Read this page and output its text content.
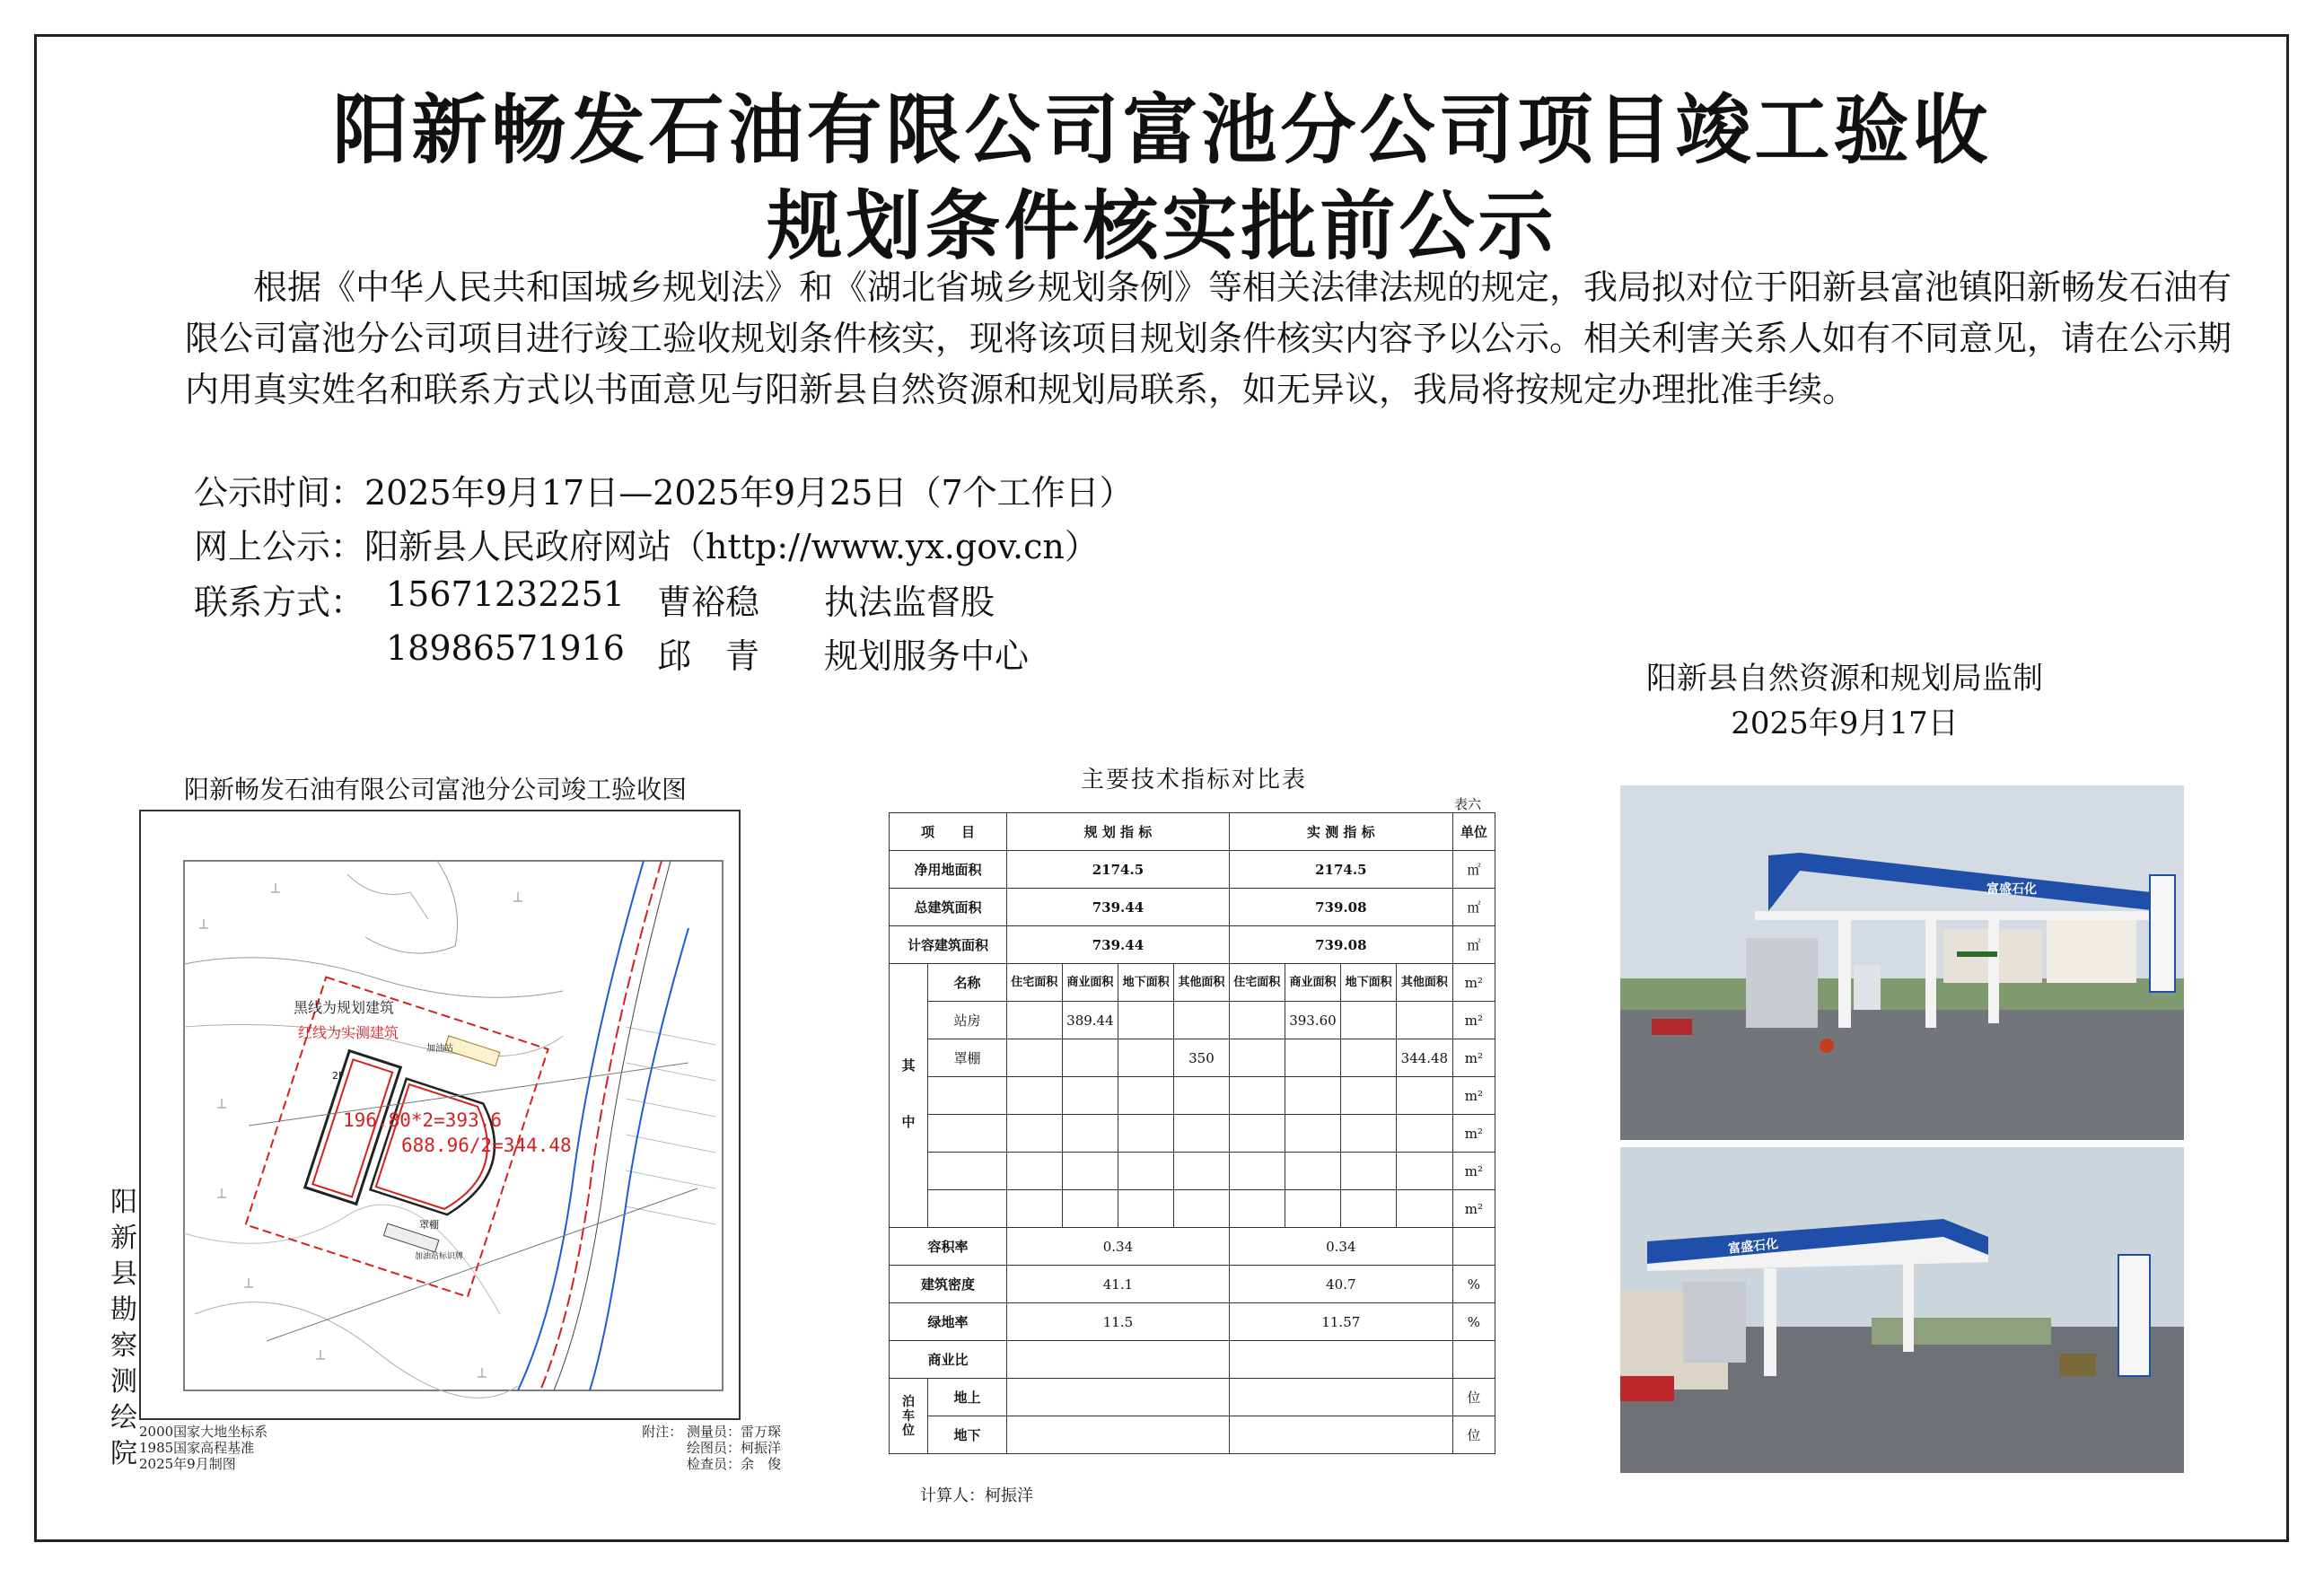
阳新畅发石油有限公司富池分公司项目竣工验收
规划条件核实批前公示
根据《中华人民共和国城乡规划法》和《湖北省城乡规划条例》等相关法律法规的规定，我局拟对位于阳新县富池镇阳新畅发石油有限公司富池分公司项目进行竣工验收规划条件核实，现将该项目规划条件核实内容予以公示。相关利害关系人如有不同意见，请在公示期内用真实姓名和联系方式以书面意见与阳新县自然资源和规划局联系，如无异议，我局将按规定办理批准手续。
公示时间：2025年9月17日—2025年9月25日（7个工作日）
网上公示：阳新县人民政府网站（http://www.yx.gov.cn）
联系方式： 15671232251 曹裕稳 执法监督股
18986571916 邱　青 规划服务中心
阳新县自然资源和规划局监制
2025年9月17日
阳新畅发石油有限公司富池分公司竣工验收图
黑线为规划建筑
红线为实测建筑
196.80*2=393.6
688.96/2=344.48
加油站
罩棚
加油站标识牌
2F
阳
新
县
勘
察
测
绘
院
2000国家大地坐标系
1985国家高程基准
2025年9月制图
附注： 测量员：雷万琛
绘图员：柯振洋
检查员：余　俊
主要技术指标对比表
表六
项　　目		规 划 指 标				实 测 指 标				单位
净用地面积		2174.5				2174.5				㎡
总建筑面积		739.44				739.08				㎡
计容建筑面积		739.44				739.08				㎡
其　　中	名称	住宅面积	商业面积	地下面积	其他面积	住宅面积	商业面积	地下面积	其他面积	m²
	站房		389.44				393.60			m²
	罩棚				350				344.48	m²
										m²
										m²
										m²
										m²
容积率		0.34				0.34				
建筑密度		41.1				40.7				%
绿地率		11.5				11.57				%
商业比										
泊车位	地上									位
	地下									位
计算人：柯振洋
富盛石化
富盛石化
